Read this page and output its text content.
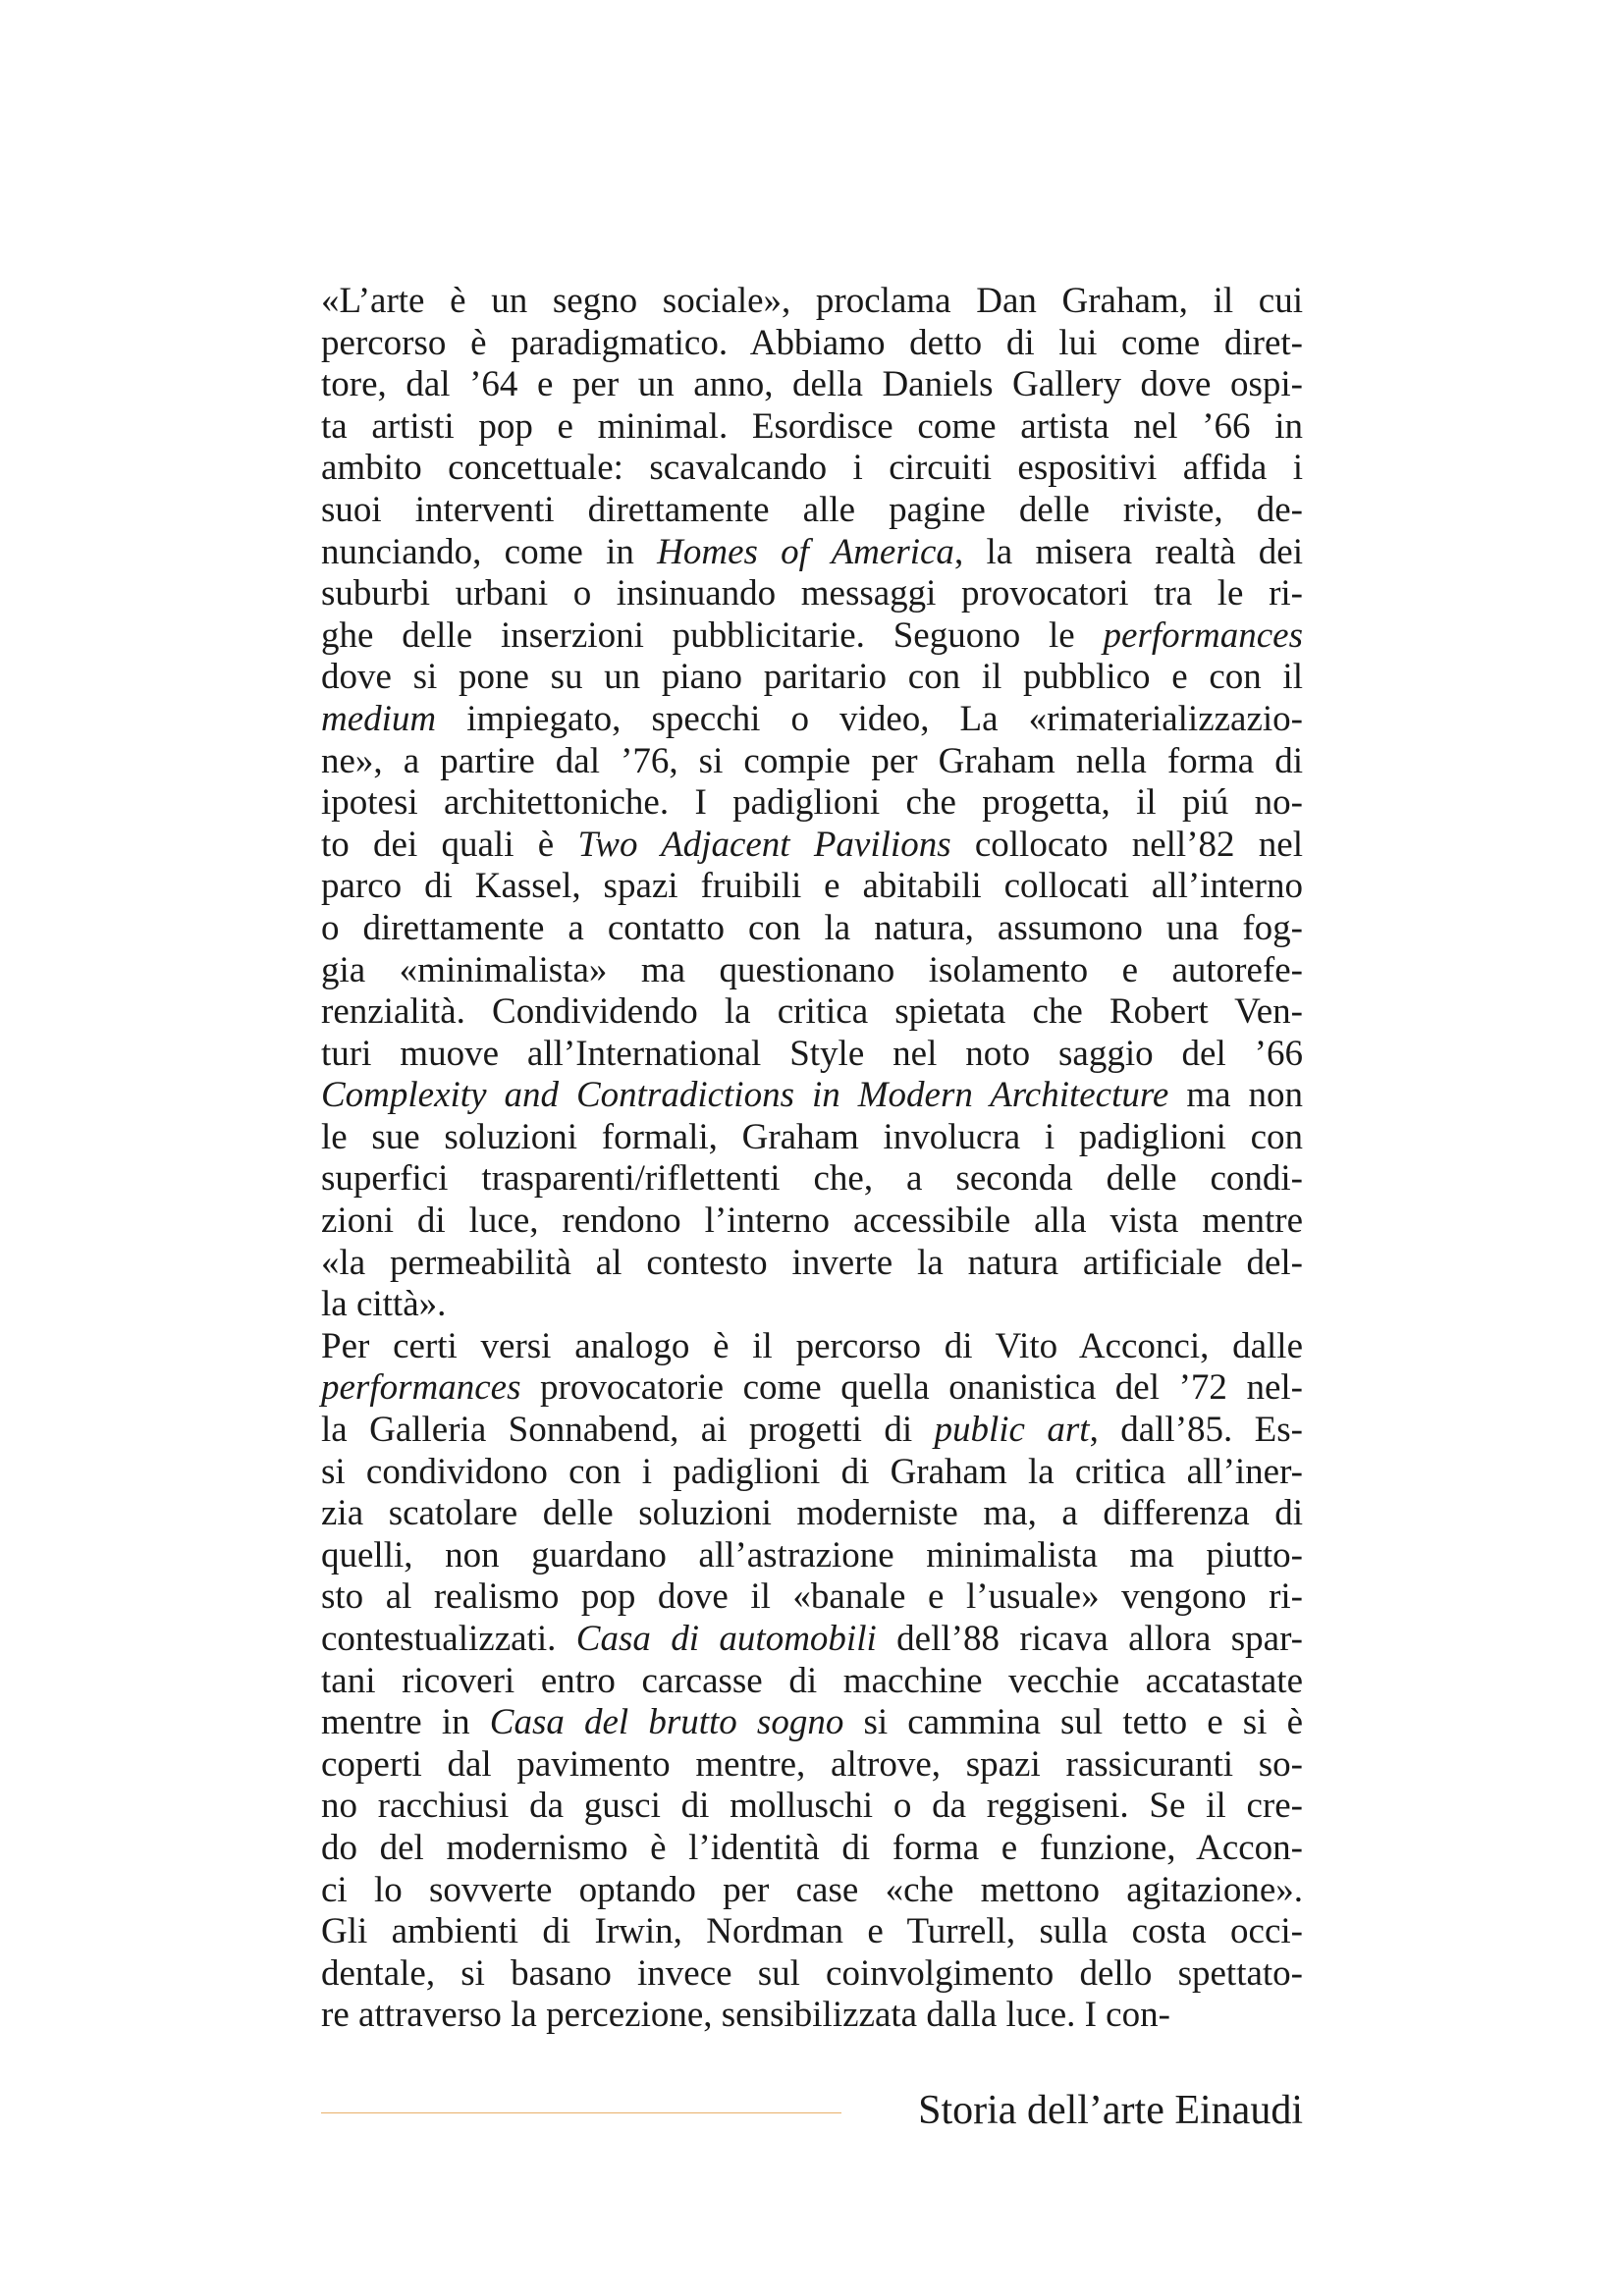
«L’arte è un segno sociale», proclama Dan Graham, il cui
percorso è paradigmatico. Abbiamo detto di lui come diret-
tore, dal ’64 e per un anno, della Daniels Gallery dove ospi-
ta artisti pop e minimal. Esordisce come artista nel ’66 in
ambito concettuale: scavalcando i circuiti espositivi affida i
suoi interventi direttamente alle pagine delle riviste, de-
nunciando, come in Homes of America, la misera realtà dei
suburbi urbani o insinuando messaggi provocatori tra le ri-
ghe delle inserzioni pubblicitarie. Seguono le performances
dove si pone su un piano paritario con il pubblico e con il
medium impiegato, specchi o video, La «rimaterializzazio-
ne», a partire dal ’76, si compie per Graham nella forma di
ipotesi architettoniche. I padiglioni che progetta, il piú no-
to dei quali è Two Adjacent Pavilions collocato nell’82 nel
parco di Kassel, spazi fruibili e abitabili collocati all’interno
o direttamente a contatto con la natura, assumono una fog-
gia «minimalista» ma questionano isolamento e autorefe-
renzialità. Condividendo la critica spietata che Robert Ven-
turi muove all’International Style nel noto saggio del ’66
Complexity and Contradictions in Modern Architecture ma non
le sue soluzioni formali, Graham involucra i padiglioni con
superfici trasparenti/riflettenti che, a seconda delle condi-
zioni di luce, rendono l’interno accessibile alla vista mentre
«la permeabilità al contesto inverte la natura artificiale del-
la città».
Per certi versi analogo è il percorso di Vito Acconci, dalle
performances provocatorie come quella onanistica del ’72 nel-
la Galleria Sonnabend, ai progetti di public art, dall’85. Es-
si condividono con i padiglioni di Graham la critica all’iner-
zia scatolare delle soluzioni moderniste ma, a differenza di
quelli, non guardano all’astrazione minimalista ma piutto-
sto al realismo pop dove il «banale e l’usuale» vengono ri-
contestualizzati. Casa di automobili dell’88 ricava allora spar-
tani ricoveri entro carcasse di macchine vecchie accatastate
mentre in Casa del brutto sogno si cammina sul tetto e si è
coperti dal pavimento mentre, altrove, spazi rassicuranti so-
no racchiusi da gusci di molluschi o da reggiseni. Se il cre-
do del modernismo è l’identità di forma e funzione, Accon-
ci lo sovverte optando per case «che mettono agitazione».
Gli ambienti di Irwin, Nordman e Turrell, sulla costa occi-
dentale, si basano invece sul coinvolgimento dello spettato-
re attraverso la percezione, sensibilizzata dalla luce. I con-
Storia dell’arte Einaudi
